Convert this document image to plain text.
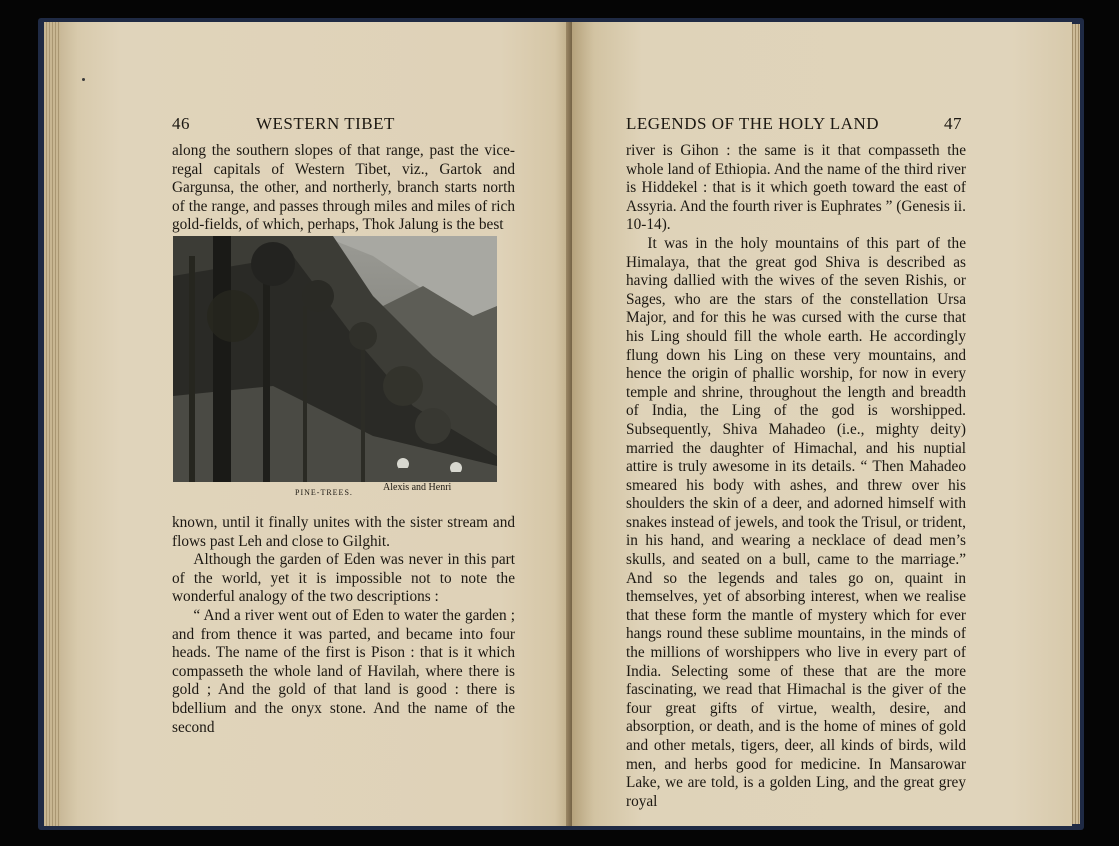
46	WESTERN TIBET

along the southern slopes of that range, past the vice-regal capitals of Western Tibet, viz., Gartok and Gargunsa, the other, and northerly, branch starts north of the range, and passes through miles and miles of rich gold-fields, of which, perhaps, Thok Jalung is the best

PINE-TREES.	Alexis and Henri

known, until it finally unites with the sister stream and flows past Leh and close to Gilghit.

Although the garden of Eden was never in this part of the world, yet it is impossible not to note the wonderful analogy of the two descriptions :

“ And a river went out of Eden to water the garden ; and from thence it was parted, and became into four heads. The name of the first is Pison : that is it which compasseth the whole land of Havilah, where there is gold ; And the gold of that land is good : there is bdellium and the onyx stone. And the name of the second

LEGENDS OF THE HOLY LAND	47

river is Gihon : the same is it that compasseth the whole land of Ethiopia. And the name of the third river is Hiddekel : that is it which goeth toward the east of Assyria. And the fourth river is Euphrates ” (Genesis ii. 10-14).

It was in the holy mountains of this part of the Himalaya, that the great god Shiva is described as having dallied with the wives of the seven Rishis, or Sages, who are the stars of the constellation Ursa Major, and for this he was cursed with the curse that his Ling should fill the whole earth. He accordingly flung down his Ling on these very mountains, and hence the origin of phallic worship, for now in every temple and shrine, throughout the length and breadth of India, the Ling of the god is worshipped. Subsequently, Shiva Mahadeo (i.e., mighty deity) married the daughter of Himachal, and his nuptial attire is truly awesome in its details. “ Then Mahadeo smeared his body with ashes, and threw over his shoulders the skin of a deer, and adorned himself with snakes instead of jewels, and took the Trisul, or trident, in his hand, and wearing a necklace of dead men’s skulls, and seated on a bull, came to the marriage.” And so the legends and tales go on, quaint in themselves, yet of absorbing interest, when we realise that these form the mantle of mystery which for ever hangs round these sublime mountains, in the minds of the millions of worshippers who live in every part of India. Selecting some of these that are the more fascinating, we read that Himachal is the giver of the four great gifts of virtue, wealth, desire, and absorption, or death, and is the home of mines of gold and other metals, tigers, deer, all kinds of birds, wild men, and herbs good for medicine. In Mansarowar Lake, we are told, is a golden Ling, and the great grey royal
